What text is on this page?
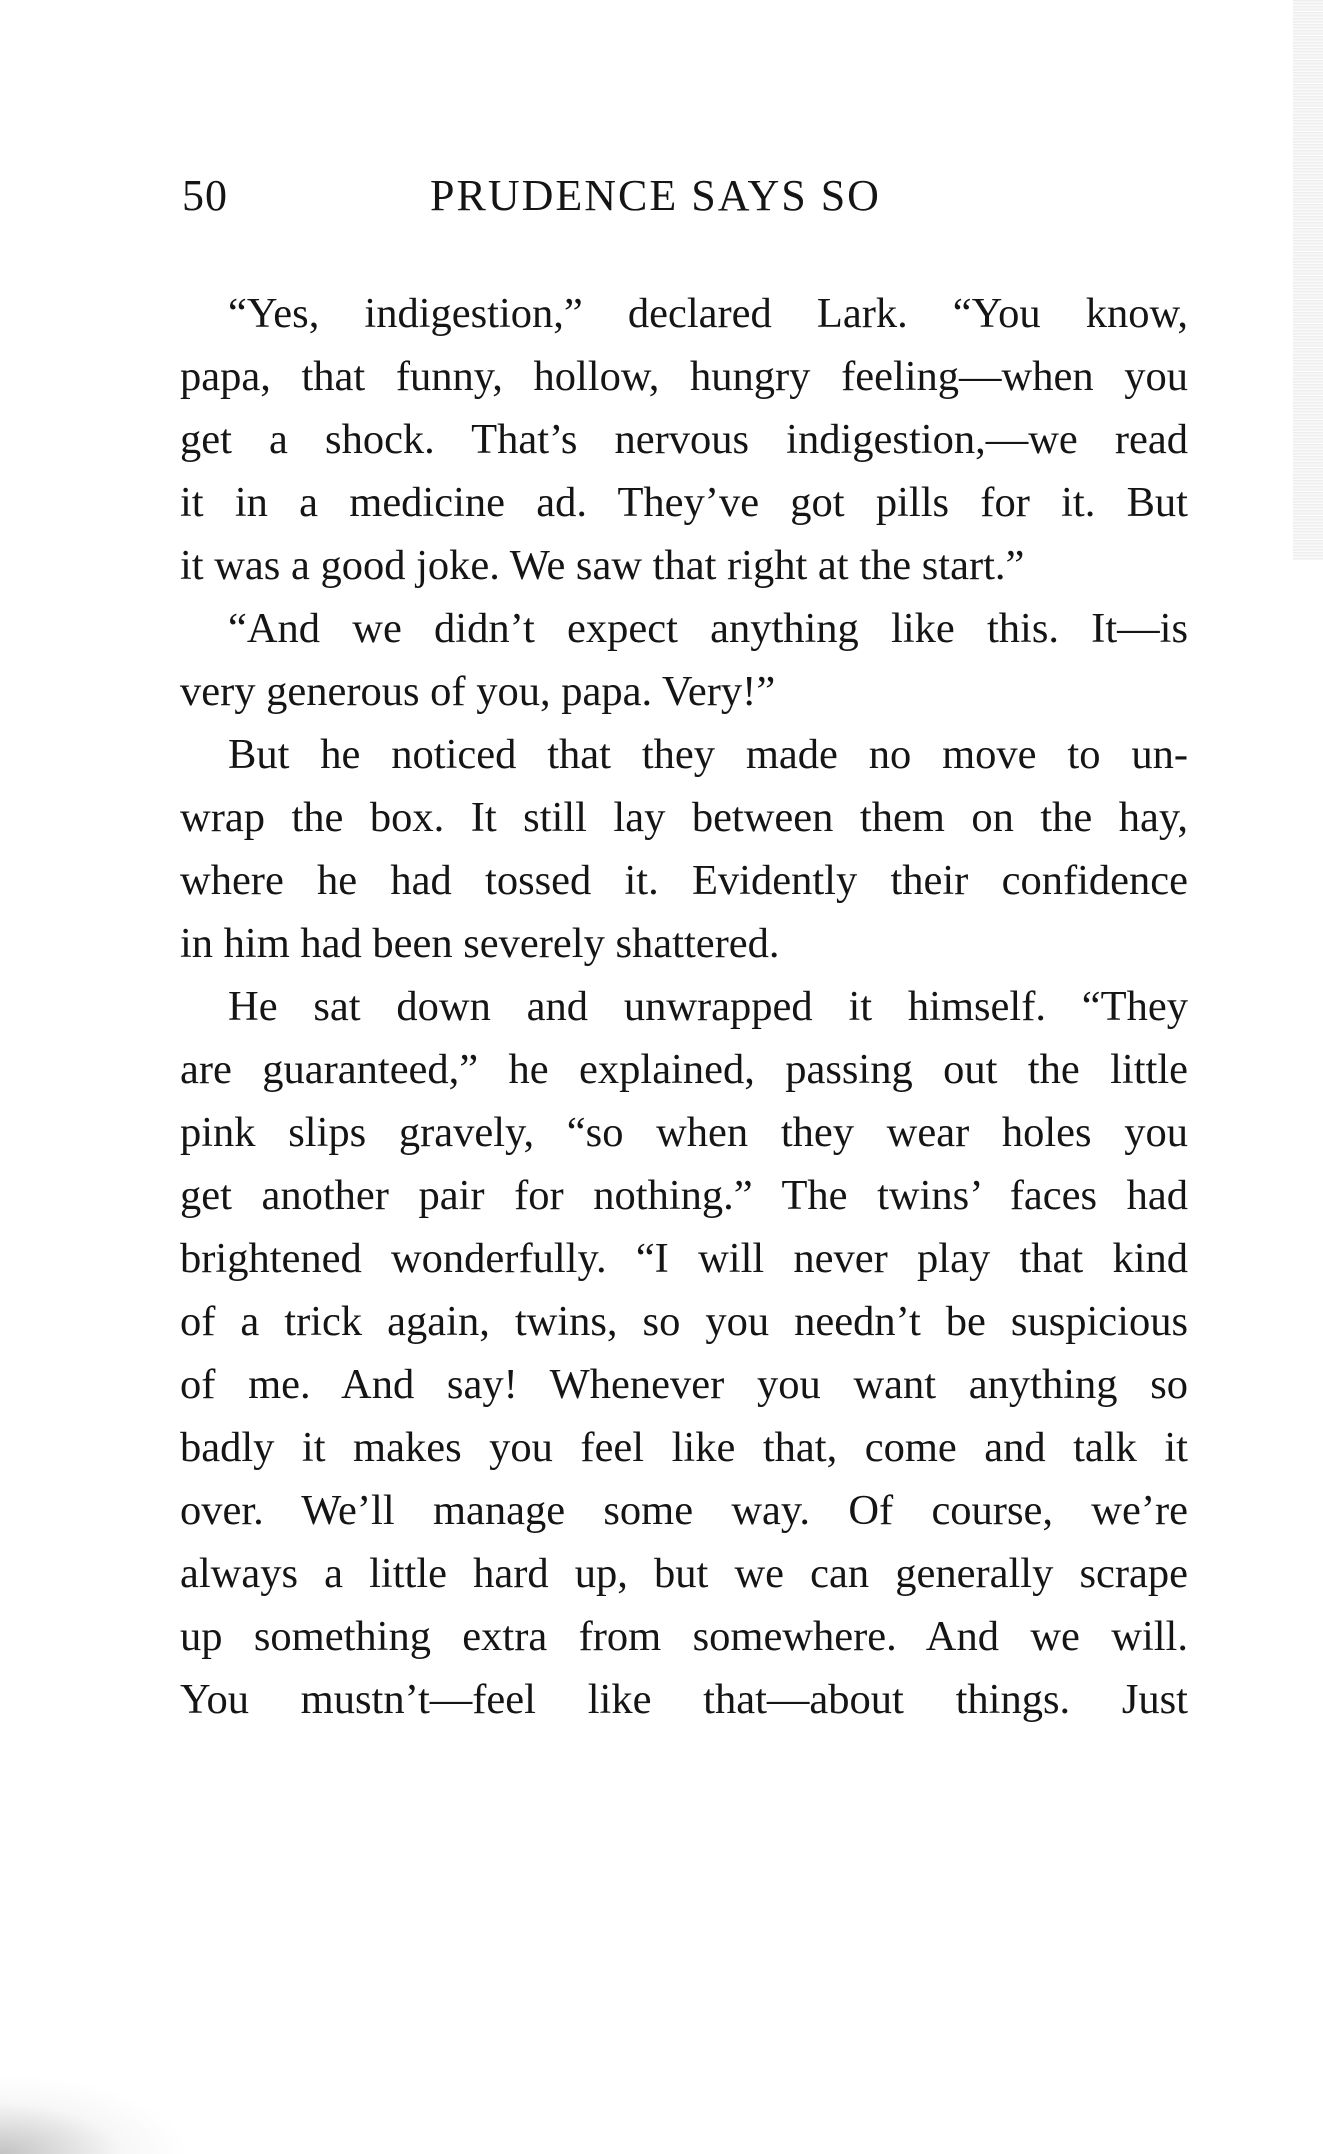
50	PRUDENCE SAYS SO
“Yes, indigestion,” declared Lark. “You know,
papa, that funny, hollow, hungry feeling—when you
get a shock. That’s nervous indigestion,—we read
it in a medicine ad. They’ve got pills for it. But
it was a good joke. We saw that right at the start.”
“And we didn’t expect anything like this. It—is
very generous of you, papa. Very!”
But he noticed that they made no move to un-
wrap the box. It still lay between them on the hay,
where he had tossed it. Evidently their confidence
in him had been severely shattered.
He sat down and unwrapped it himself. “They
are guaranteed,” he explained, passing out the little
pink slips gravely, “so when they wear holes you
get another pair for nothing.” The twins’ faces had
brightened wonderfully. “I will never play that kind
of a trick again, twins, so you needn’t be suspicious
of me. And say! Whenever you want anything so
badly it makes you feel like that, come and talk it
over. We’ll manage some way. Of course, we’re
always a little hard up, but we can generally scrape
up something extra from somewhere. And we will.
You mustn’t—feel like that—about things. Just
